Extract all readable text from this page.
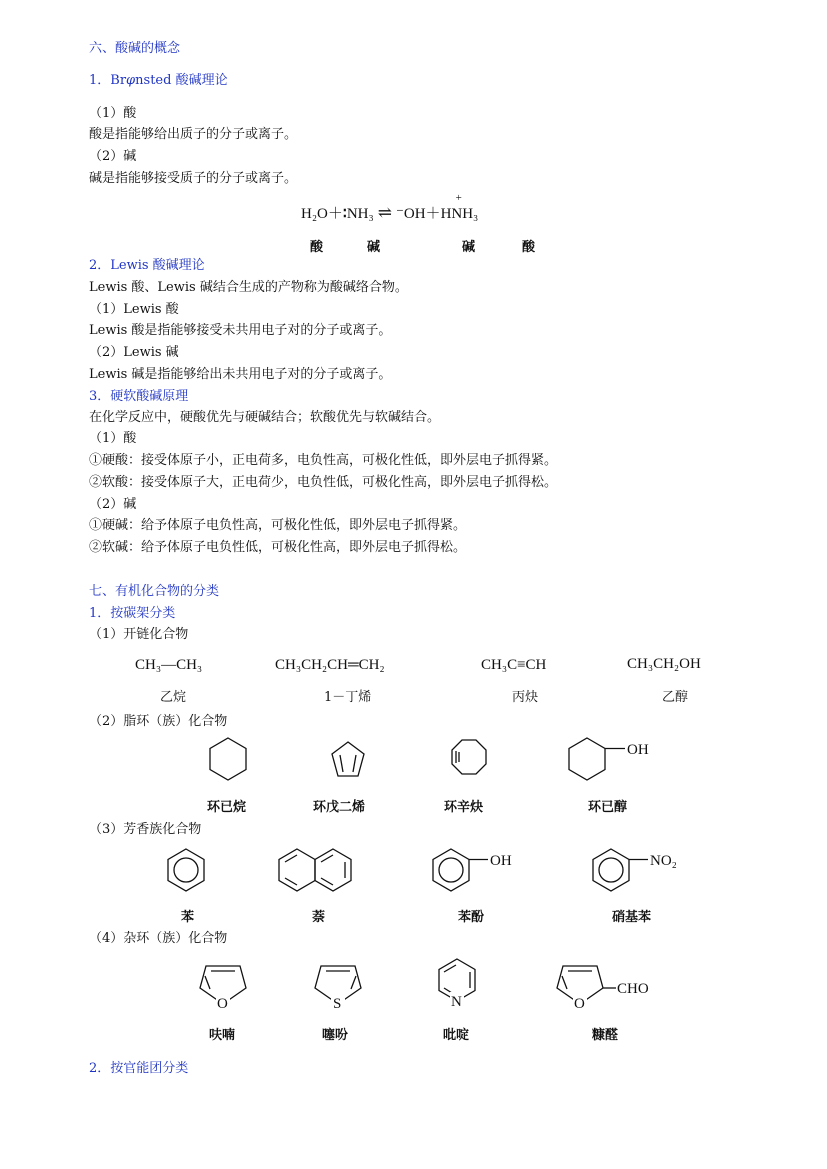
六、酸碱的概念
1．Brφnsted 酸碱理论
（1）酸
酸是指能够给出质子的分子或离子。
（2）碱
碱是指能够接受质子的分子或离子。
H₂O＋∶NH₃ ⇌ ⁻OH＋
+
HNH₃
酸	碱	碱	酸
2．Lewis 酸碱理论
Lewis 酸、Lewis 碱结合生成的产物称为酸碱络合物。
（1）Lewis 酸
Lewis 酸是指能够接受未共用电子对的分子或离子。
（2）Lewis 碱
Lewis 碱是指能够给出未共用电子对的分子或离子。
3．硬软酸碱原理
在化学反应中，硬酸优先与硬碱结合；软酸优先与软碱结合。
（1）酸
①硬酸：接受体原子小，正电荷多，电负性高，可极化性低，即外层电子抓得紧。
②软酸：接受体原子大，正电荷少，电负性低，可极化性高，即外层电子抓得松。
（2）碱
①硬碱：给予体原子电负性高，可极化性低，即外层电子抓得紧。
②软碱：给予体原子电负性低，可极化性高，即外层电子抓得松。
七、有机化合物的分类
1．按碳架分类
（1）开链化合物
CH₃—CH₃	CH₃CH₂CH═CH₂	CH₃C≡CH	CH₃CH₂OH
乙烷	1－丁烯	丙炔	乙醇
（2）脂环（族）化合物
OH
环已烷	环戊二烯	环辛炔	环已醇
（3）芳香族化合物
OH	NO₂
苯	萘	苯酚	硝基苯
（4）杂环（族）化合物
O	S	N	O
CHO
呋喃	噻吩	吡啶	糠醛
2．按官能团分类
